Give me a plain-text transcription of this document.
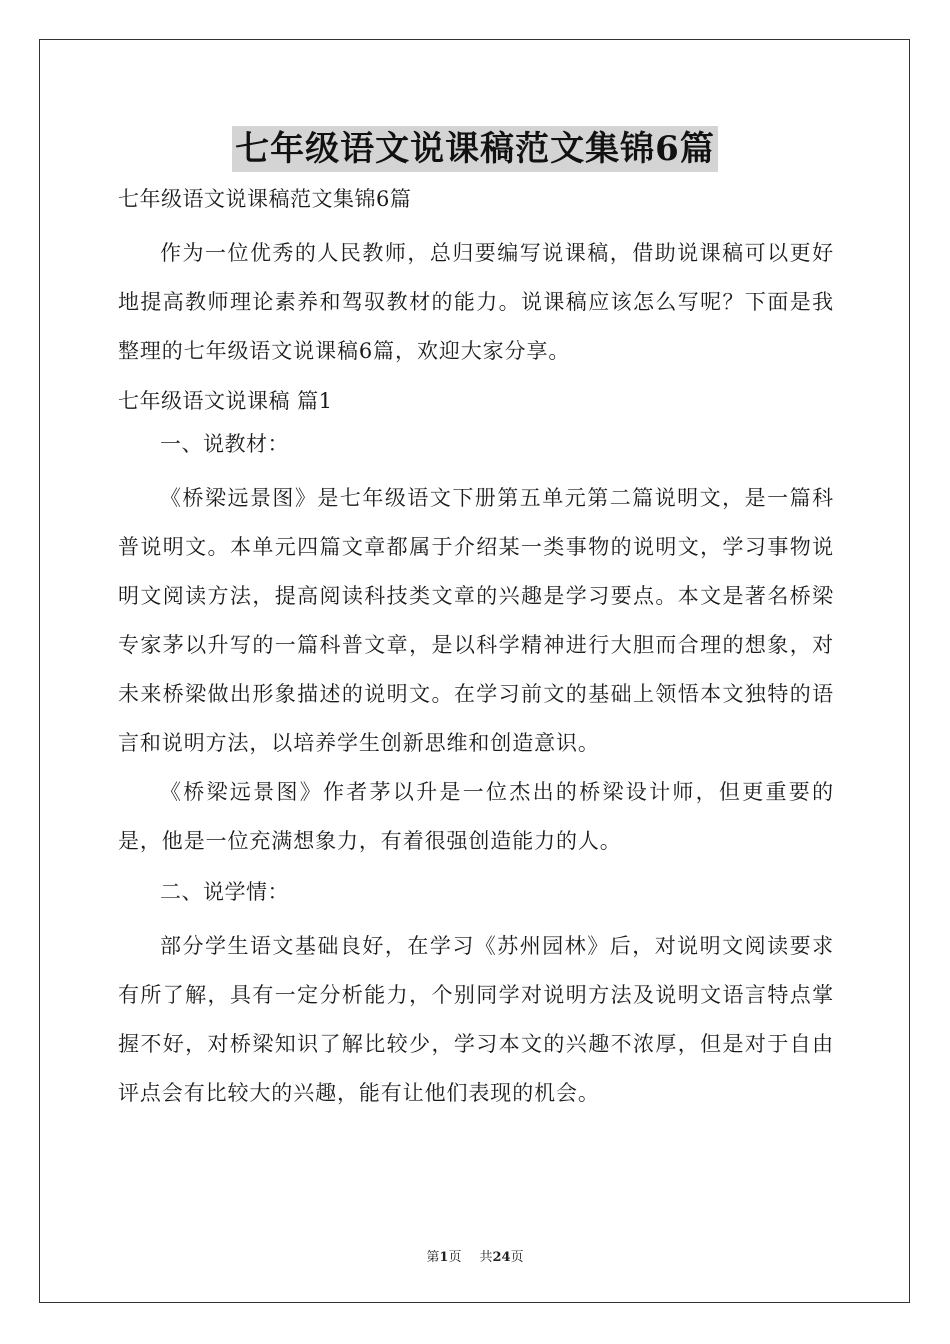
七年级语文说课稿范文集锦6篇

七年级语文说课稿范文集锦6篇

作为一位优秀的人民教师，总归要编写说课稿，借助说课稿可以更好地提高教师理论素养和驾驭教材的能力。说课稿应该怎么写呢？下面是我整理的七年级语文说课稿6篇，欢迎大家分享。

七年级语文说课稿 篇1

一、说教材：

《桥梁远景图》是七年级语文下册第五单元第二篇说明文，是一篇科普说明文。本单元四篇文章都属于介绍某一类事物的说明文，学习事物说明文阅读方法，提高阅读科技类文章的兴趣是学习要点。本文是著名桥梁专家茅以升写的一篇科普文章，是以科学精神进行大胆而合理的想象，对未来桥梁做出形象描述的说明文。在学习前文的基础上领悟本文独特的语言和说明方法，以培养学生创新思维和创造意识。

《桥梁远景图》作者茅以升是一位杰出的桥梁设计师，但更重要的是，他是一位充满想象力，有着很强创造能力的人。

二、说学情：

部分学生语文基础良好，在学习《苏州园林》后，对说明文阅读要求有所了解，具有一定分析能力，个别同学对说明方法及说明文语言特点掌握不好，对桥梁知识了解比较少，学习本文的兴趣不浓厚，但是对于自由评点会有比较大的兴趣，能有让他们表现的机会。

第1页 共24页
